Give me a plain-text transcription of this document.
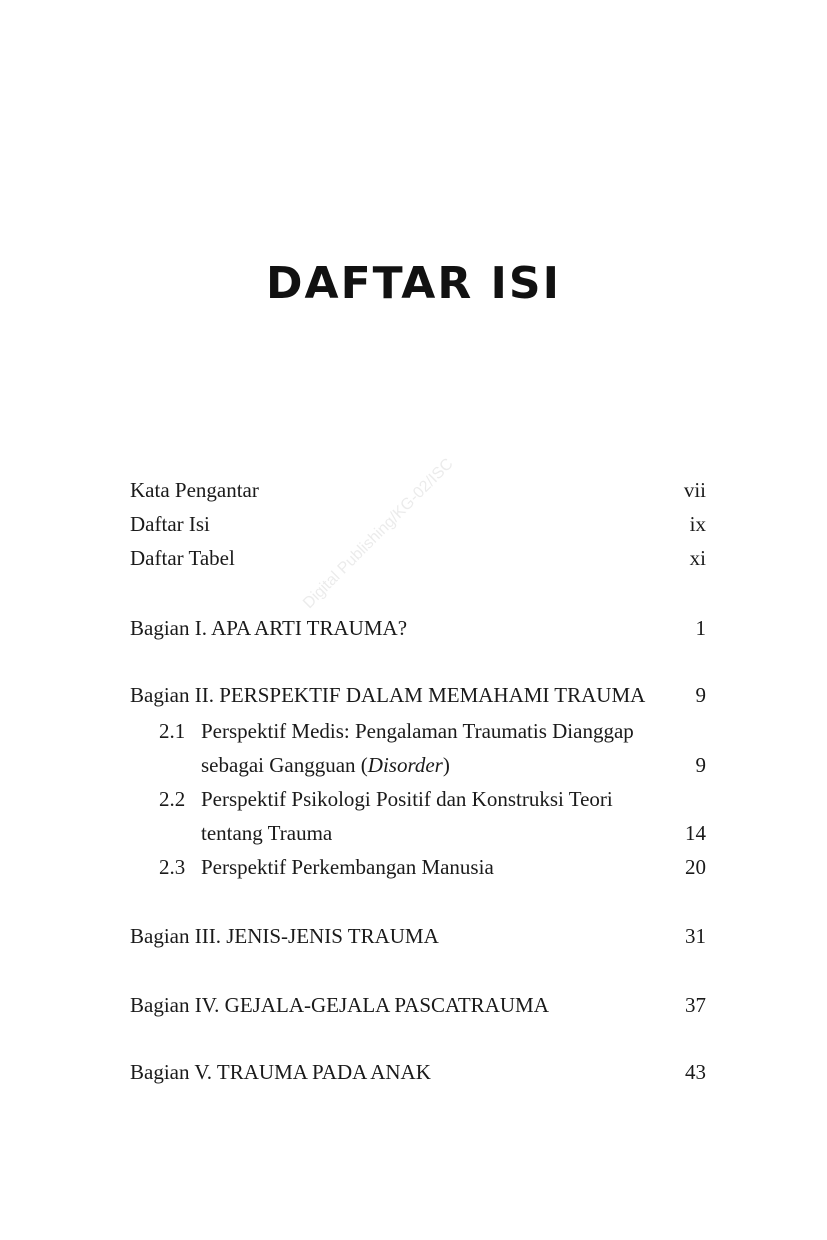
DAFTAR ISI
Digital Publishing/KG-02/ISC
Kata Pengantar	vii
Daftar Isi	ix
Daftar Tabel	xi
Bagian I. APA ARTI TRAUMA?	1
Bagian II. PERSPEKTIF DALAM MEMAHAMI TRAUMA 9
2.1 Perspektif Medis: Pengalaman Traumatis Dianggap
sebagai Gangguan (Disorder)	9
2.2 Perspektif Psikologi Positif dan Konstruksi Teori
tentang Trauma	14
2.3 Perspektif Perkembangan Manusia	20
Bagian III. JENIS-JENIS TRAUMA	31
Bagian IV. GEJALA-GEJALA PASCATRAUMA	37
Bagian V. TRAUMA PADA ANAK	43
